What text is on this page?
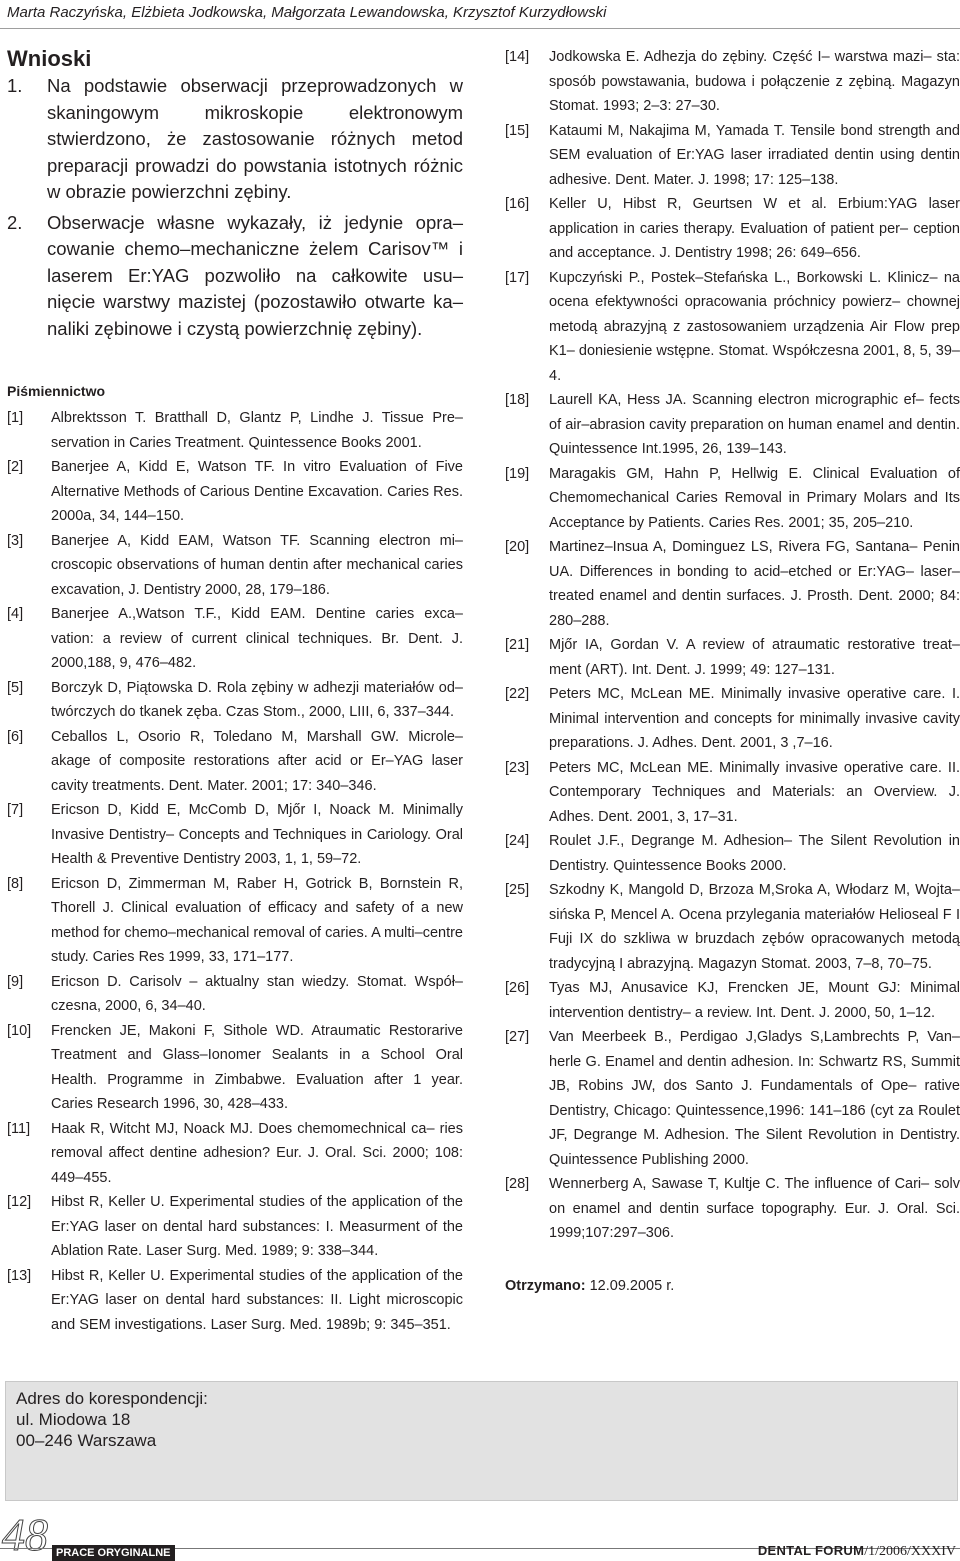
Marta Raczyńska, Elżbieta Jodkowska, Małgorzata Lewandowska, Krzysztof Kurzydłowski
Wnioski
1.	Na podstawie obserwacji przeprowadzonych w skaningowym mikroskopie elektronowym stwierdzono, że zastosowanie różnych metod preparacji prowadzi do powstania istotnych różnic w obrazie powierzchni zębiny.
2.	Obserwacje własne wykazały, iż jedynie opra– cowanie chemo–mechaniczne żelem Carisov™ i laserem Er:YAG pozwoliło na całkowite usu– nięcie warstwy mazistej (pozostawiło otwarte ka– naliki zębinowe i czystą powierzchnię zębiny).
Piśmiennictwo
[1]	Albrektsson T. Bratthall D, Glantz P, Lindhe J. Tissue Pre– servation in Caries Treatment. Quintessence Books 2001.
[2]	Banerjee A, Kidd E, Watson TF. In vitro Evaluation of Five Alternative Methods of Carious Dentine Excavation. Caries Res. 2000a, 34, 144–150.
[3]	Banerjee A, Kidd EAM, Watson TF. Scanning electron mi– croscopic observations of human dentin after mechanical caries excavation, J. Dentistry 2000, 28, 179–186.
[4]	Banerjee A.,Watson T.F., Kidd EAM. Dentine caries exca– vation: a review of current clinical techniques. Br. Dent. J. 2000,188, 9, 476–482.
[5]	Borczyk D, Piątowska D. Rola zębiny w adhezji materiałów od– twórczych do tkanek zęba. Czas Stom., 2000, LIII, 6, 337–344.
[6]	Ceballos L, Osorio R, Toledano M, Marshall GW. Microle– akage of composite restorations after acid or Er–YAG laser cavity treatments. Dent. Mater. 2001; 17: 340–346.
[7]	Ericson D, Kidd E, McComb D, Mjőr I, Noack M. Minimally Invasive Dentistry– Concepts and Techniques in Cariology. Oral Health & Preventive Dentistry 2003, 1, 1, 59–72.
[8]	Ericson D, Zimmerman M, Raber H, Gotrick B, Bornstein R, Thorell J. Clinical evaluation of efficacy and safety of a new method for chemo–mechanical removal of caries. A multi–centre study. Caries Res 1999, 33, 171–177.
[9]	Ericson D. Carisolv – aktualny stan wiedzy. Stomat. Współ– czesna, 2000, 6, 34–40.
[10]	Frencken JE, Makoni F, Sithole WD. Atraumatic Restorarive Treatment and Glass–Ionomer Sealants in a School Oral Health. Programme in Zimbabwe. Evaluation after 1 year. Caries Research 1996, 30, 428–433.
[11]	Haak R, Witcht MJ, Noack MJ. Does chemomechnical ca– ries removal affect dentine adhesion? Eur. J. Oral. Sci. 2000; 108: 449–455.
[12]	Hibst R, Keller U. Experimental studies of the application of the Er:YAG laser on dental hard substances: I. Measurment of the Ablation Rate. Laser Surg. Med. 1989; 9: 338–344.
[13]	Hibst R, Keller U. Experimental studies of the application of the Er:YAG laser on dental hard substances: II. Light microscopic and SEM investigations. Laser Surg. Med. 1989b; 9: 345–351.
[14]	Jodkowska E. Adhezja do zębiny. Część I– warstwa mazi– sta: sposób powstawania, budowa i połączenie z zębiną. Magazyn Stomat. 1993; 2–3: 27–30.
[15]	Kataumi M, Nakajima M, Yamada T. Tensile bond strength and SEM evaluation of Er:YAG laser irradiated dentin using dentin adhesive. Dent. Mater. J. 1998; 17: 125–138.
[16]	Keller U, Hibst R, Geurtsen W et al. Erbium:YAG laser application in caries therapy. Evaluation of patient per– ception and acceptance. J. Dentistry 1998; 26: 649–656.
[17]	Kupczyński P., Postek–Stefańska L., Borkowski L. Klinicz– na ocena efektywności opracowania próchnicy powierz– chownej metodą abrazyjną z zastosowaniem urządzenia Air Flow prep K1– doniesienie wstępne. Stomat. Współczesna 2001, 8, 5, 39–4.
[18]	Laurell KA, Hess JA. Scanning electron micrographic ef– fects of air–abrasion cavity preparation on human enamel and dentin. Quintessence Int.1995, 26, 139–143.
[19]	Maragakis GM, Hahn P, Hellwig E. Clinical Evaluation of Chemomechanical Caries Removal in Primary Molars and Its Acceptance by Patients. Caries Res. 2001; 35, 205–210.
[20]	Martinez–Insua A, Dominguez LS, Rivera FG, Santana– Penin UA. Differences in bonding to acid–etched or Er:YAG– laser–treated enamel and dentin surfaces. J. Prosth. Dent. 2000; 84: 280–288.
[21]	Mjőr IA, Gordan V. A review of atraumatic restorative treat– ment (ART). Int. Dent. J. 1999; 49: 127–131.
[22]	Peters MC, McLean ME. Minimally invasive operative care. I. Minimal intervention and concepts for minimally invasive cavity preparations. J. Adhes. Dent. 2001, 3 ,7–16.
[23]	Peters MC, McLean ME. Minimally invasive operative care. II. Contemporary Techniques and Materials: an Overview. J. Adhes. Dent. 2001, 3, 17–31.
[24]	Roulet J.F., Degrange M. Adhesion– The Silent Revolution in Dentistry. Quintessence Books 2000.
[25]	Szkodny K, Mangold D, Brzoza M,Sroka A, Włodarz M, Wojta– sińska P, Mencel A. Ocena przylegania materiałów Helioseal F I Fuji IX do szkliwa w bruzdach zębów opracowanych metodą tradycyjną I abrazyjną. Magazyn Stomat. 2003, 7–8, 70–75.
[26]	Tyas MJ, Anusavice KJ, Frencken JE, Mount GJ: Minimal intervention dentistry– a review. Int. Dent. J. 2000, 50, 1–12.
[27]	Van Meerbeek B., Perdigao J,Gladys S,Lambrechts P, Van– herle G. Enamel and dentin adhesion. In: Schwartz RS, Summit JB, Robins JW, dos Santo J. Fundamentals of Ope– rative Dentistry, Chicago: Quintessence,1996: 141–186 (cyt za Roulet JF, Degrange M. Adhesion. The Silent Revolution in Dentistry. Quintessence Publishing 2000.
[28]	Wennerberg A, Sawase T, Kultje C. The influence of Cari– solv on enamel and dentin surface topography. Eur. J. Oral. Sci. 1999;107:297–306.
Otrzymano: 12.09.2005 r.
Adres do korespondencji:
ul. Miodowa 18
00–246 Warszawa
48 PRACE ORYGINALNE	DENTAL FORUM/1/2006/XXXIV
